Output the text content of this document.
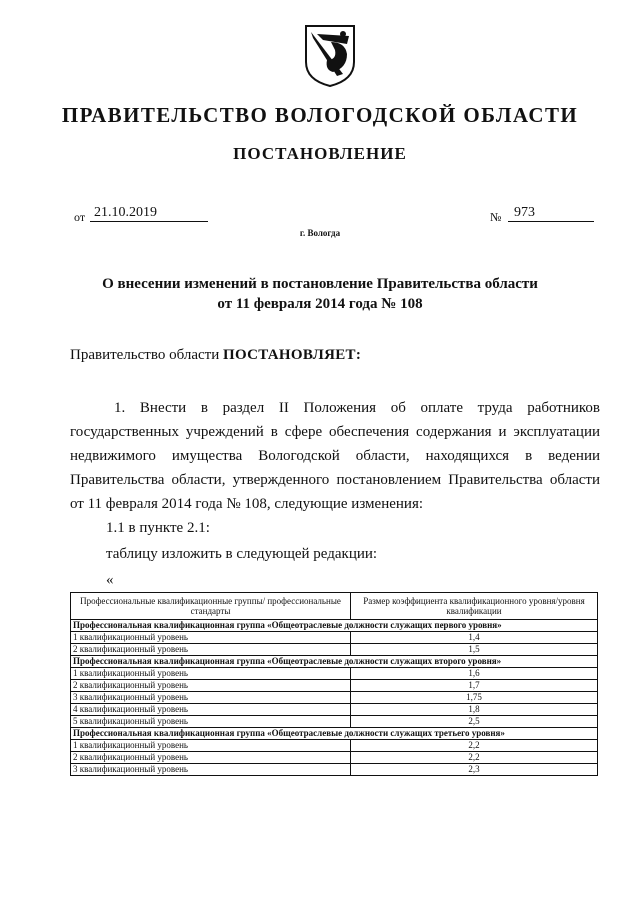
ПРАВИТЕЛЬСТВО ВОЛОГОДСКОЙ ОБЛАСТИ
ПОСТАНОВЛЕНИЕ
от 21.10.2019	№ 973
г. Вологда
О внесении изменений в постановление Правительства области
от 11 февраля 2014 года № 108
Правительство области ПОСТАНОВЛЯЕТ:
1. Внести в раздел II Положения об оплате труда работников государственных учреждений в сфере обеспечения содержания и эксплуатации недвижимого имущества Вологодской области, находящихся в ведении Правительства области, утвержденного постановлением Правительства области от 11 февраля 2014 года № 108, следующие изменения:
1.1 в пункте 2.1:
таблицу изложить в следующей редакции:
«
Профессиональные квалификационные группы/ профессиональные стандарты	Размер коэффициента квалификационного уровня/уровня квалификации
Профессиональная квалификационная группа «Общеотраслевые должности служащих первого уровня»	
1 квалификационный уровень	1,4
2 квалификационный уровень	1,5
Профессиональная квалификационная группа «Общеотраслевые должности служащих второго уровня»	
1 квалификационный уровень	1,6
2 квалификационный уровень	1,7
3 квалификационный уровень	1,75
4 квалификационный уровень	1,8
5 квалификационный уровень	2,5
Профессиональная квалификационная группа «Общеотраслевые должности служащих третьего уровня»	
1 квалификационный уровень	2,2
2 квалификационный уровень	2,2
3 квалификационный уровень	2,3
